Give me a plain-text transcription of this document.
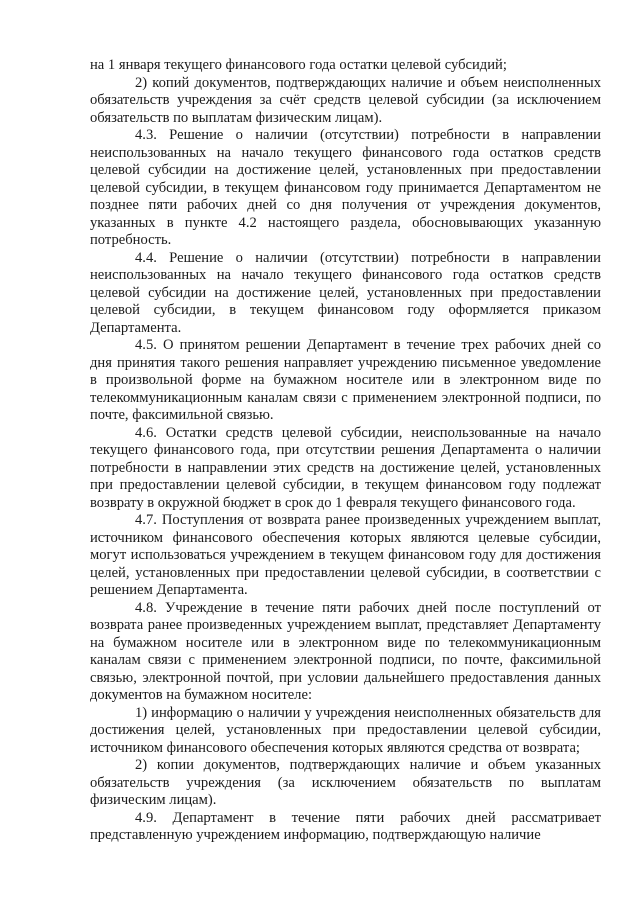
на 1 января текущего финансового года остатки целевой субсидий;

2) копий документов, подтверждающих наличие и объем неисполненных обязательств учреждения за счёт средств целевой субсидии (за исключением обязательств по выплатам физическим лицам).

4.3. Решение о наличии (отсутствии) потребности в направлении неиспользованных на начало текущего финансового года остатков средств целевой субсидии на достижение целей, установленных при предоставлении целевой субсидии, в текущем финансовом году принимается Департаментом не позднее пяти рабочих дней со дня получения от учреждения документов, указанных в пункте 4.2 настоящего раздела, обосновывающих указанную потребность.

4.4. Решение о наличии (отсутствии) потребности в направлении неиспользованных на начало текущего финансового года остатков средств целевой субсидии на достижение целей, установленных при предоставлении целевой субсидии, в текущем финансовом году оформляется приказом Департамента.

4.5. О принятом решении Департамент в течение трех рабочих дней со дня принятия такого решения направляет учреждению письменное уведомление в произвольной форме на бумажном носителе или в электронном виде по телекоммуникационным каналам связи с применением электронной подписи, по почте, факсимильной связью.

4.6. Остатки средств целевой субсидии, неиспользованные на начало текущего финансового года, при отсутствии решения Департамента о наличии потребности в направлении этих средств на достижение целей, установленных при предоставлении целевой субсидии, в текущем финансовом году подлежат возврату в окружной бюджет в срок до 1 февраля текущего финансового года.

4.7. Поступления от возврата ранее произведенных учреждением выплат, источником финансового обеспечения которых являются целевые субсидии, могут использоваться учреждением в текущем финансовом году для достижения целей, установленных при предоставлении целевой субсидии, в соответствии с решением Департамента.

4.8. Учреждение в течение пяти рабочих дней после поступлений от возврата ранее произведенных учреждением выплат, представляет Департаменту на бумажном носителе или в электронном виде по телекоммуникационным каналам связи с применением электронной подписи, по почте, факсимильной связью, электронной почтой, при условии дальнейшего предоставления данных документов на бумажном носителе:

1) информацию о наличии у учреждения неисполненных обязательств для достижения целей, установленных при предоставлении целевой субсидии, источником финансового обеспечения которых являются средства от возврата;

2) копии документов, подтверждающих наличие и объем указанных обязательств учреждения (за исключением обязательств по выплатам физическим лицам).

4.9. Департамент в течение пяти рабочих дней рассматривает представленную учреждением информацию, подтверждающую наличие
